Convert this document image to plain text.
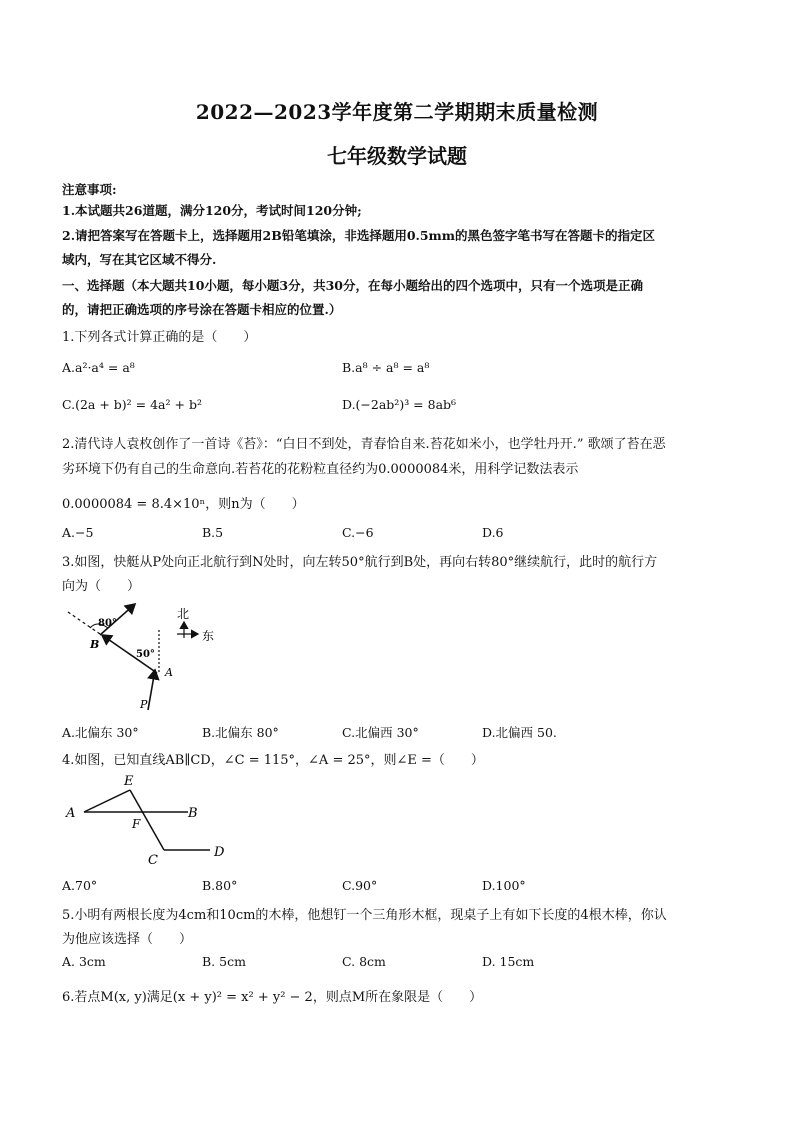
2022—2023学年度第二学期期末质量检测
七年级数学试题
注意事项:
1.本试题共26道题，满分120分，考试时间120分钟;
2.请把答案写在答题卡上，选择题用2B铅笔填涂，非选择题用0.5mm的黑色签字笔书写在答题卡的指定区
域内，写在其它区域不得分.
一、选择题（本大题共10小题，每小题3分，共30分，在每小题给出的四个选项中，只有一个选项是正确
的，请把正确选项的序号涂在答题卡相应的位置.）
1.下列各式计算正确的是（　　）
A.a²·a⁴ = a⁸	B.a⁸ ÷ a⁸ = a⁸
C.(2a + b)² = 4a² + b²	D.(−2ab²)³ = 8ab⁶
2.清代诗人袁枚创作了一首诗《苔》：“白日不到处，青春恰自来.苔花如米小，也学牡丹开.” 歌颂了苔在恶
劣环境下仍有自己的生命意向.若苔花的花粉粒直径约为0.0000084米，用科学记数法表示
0.0000084 = 8.4×10ⁿ，则n为（　　）
A.−5	B.5	C.−6	D.6
3.如图，快艇从P处向正北航行到N处时，向左转50°航行到B处，再向右转80°继续航行，此时的航行方
向为（　　）
80°
50°
B
A
P
北
东
A.北偏东 30°	B.北偏东 80°	C.北偏西 30°	D.北偏西 50.
4.如图，已知直线AB∥CD，∠C = 115°，∠A = 25°，则∠E =（　　）
A	B
C
D
E
F
A.70°	B.80°	C.90°	D.100°
5.小明有两根长度为4cm和10cm的木棒，他想钉一个三角形木框，现桌子上有如下长度的4根木棒，你认
为他应该选择（　　）
A. 3cm	B. 5cm	C. 8cm	D. 15cm
6.若点M(x, y)满足(x + y)² = x² + y² − 2，则点M所在象限是（　　）
